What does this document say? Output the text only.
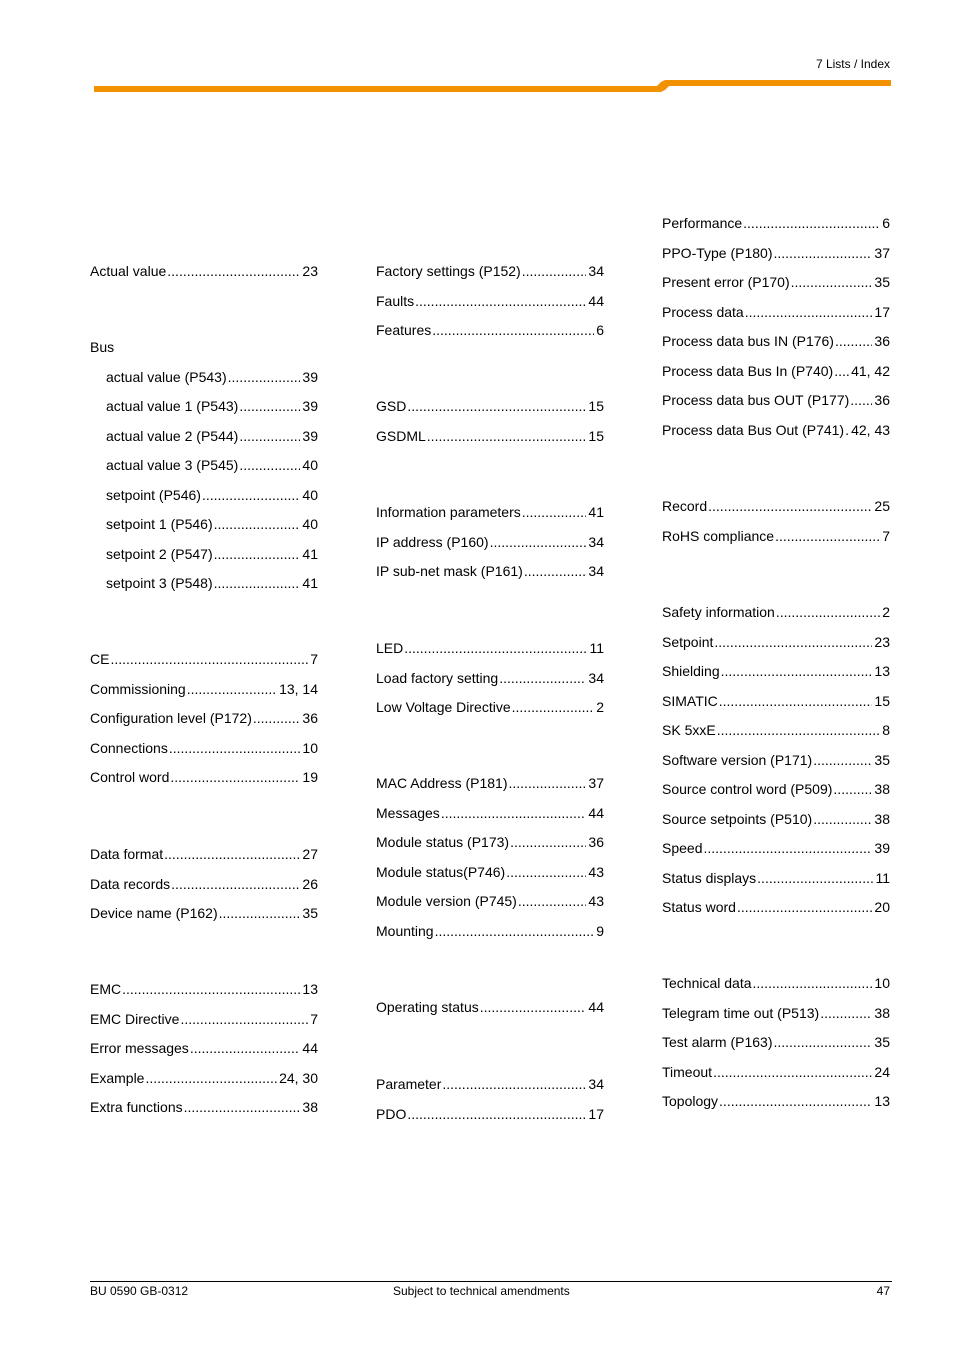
7 Lists / Index
Actual value .....	23
Bus
actual value (P543) .....	39
actual value 1 (P543) .....	39
actual value 2 (P544) .....	39
actual value 3 (P545) .....	40
setpoint (P546) .....	40
setpoint 1 (P546) .....	40
setpoint 2 (P547) .....	41
setpoint 3 (P548) .....	41
CE .....	7
Commissioning .....	13, 14
Configuration level (P172) .....	36
Connections .....	10
Control word .....	19
Data format .....	27
Data records .....	26
Device name (P162) .....	35
EMC .....	13
EMC Directive .....	7
Error messages .....	44
Example .....	24, 30
Extra functions .....	38
Factory settings (P152) .....	34
Faults .....	44
Features .....	6
GSD .....	15
GSDML .....	15
Information parameters .....	41
IP address (P160) .....	34
IP sub-net mask (P161) .....	34
LED .....	11
Load factory setting .....	34
Low Voltage Directive .....	2
MAC Address (P181) .....	37
Messages .....	44
Module status (P173) .....	36
Module status(P746) .....	43
Module version (P745) .....	43
Mounting .....	9
Operating status .....	44
Parameter .....	34
PDO .....	17
Performance .....	6
PPO-Type (P180) .....	37
Present error (P170) .....	35
Process data .....	17
Process data bus IN (P176) .....	36
Process data Bus In (P740) ..... 41, 42
Process data bus OUT (P177) ..... 36
Process data Bus Out (P741) ..... 42, 43
Record .....	25
RoHS compliance .....	7
Safety information .....	2
Setpoint .....	23
Shielding .....	13
SIMATIC .....	15
SK 5xxE .....	8
Software version (P171) .....	35
Source control word (P509) .....	38
Source setpoints (P510) .....	38
Speed .....	39
Status displays .....	11
Status word .....	20
Technical data .....	10
Telegram time out (P513) .....	38
Test alarm (P163) .....	35
Timeout .....	24
Topology .....	13
BU 0590 GB-0312	Subject to technical amendments	47
